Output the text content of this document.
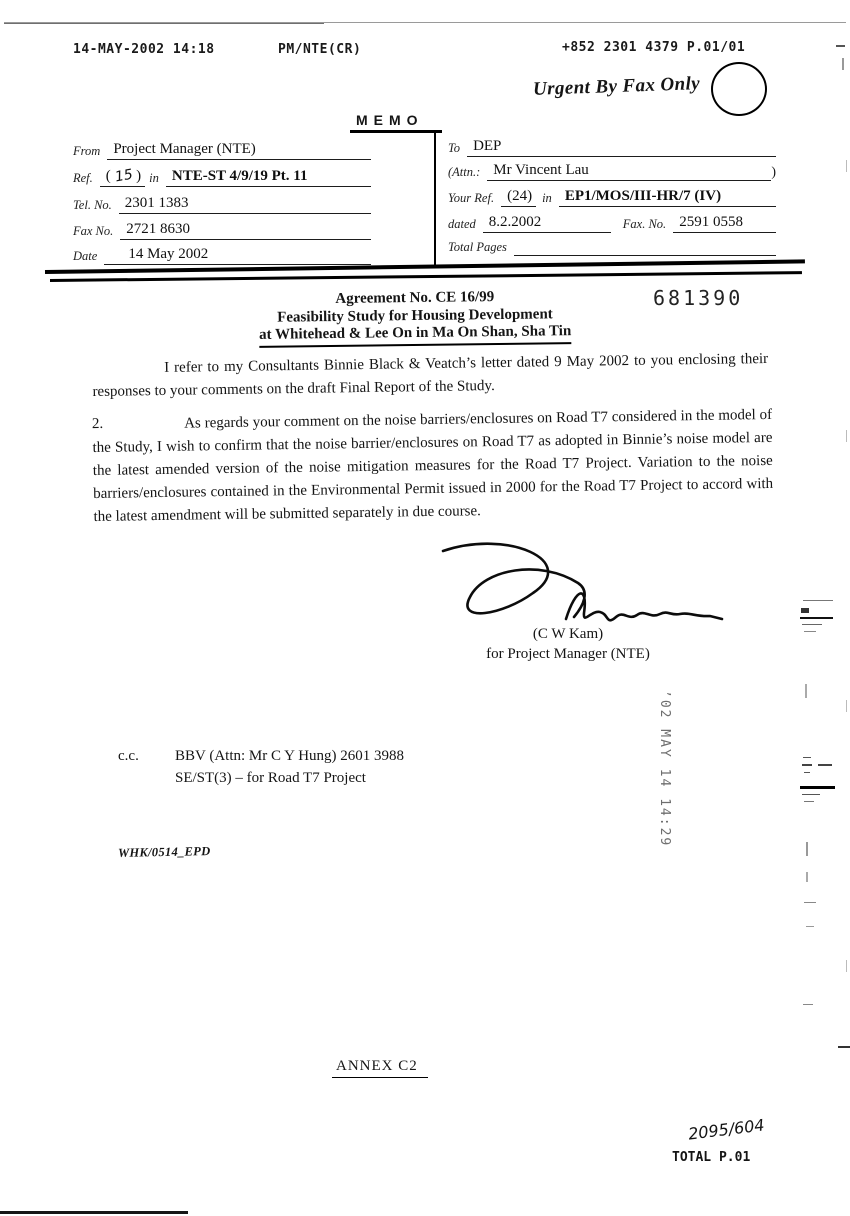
14-MAY-2002 14:18	PM/NTE(CR)	+852 2301 4379 P.01/01
Urgent By Fax Only
MEMO
From Project Manager (NTE)
Ref. ( 15 ) in NTE-ST 4/9/19 Pt. 11
Tel. No. 2301 1383
Fax No. 2721 8630
Date	14 May 2002
To DEP
(Attn.: Mr Vincent Lau	)
Your Ref. (24) in EP1/MOS/III-HR/7 (IV)
dated 8.2.2002	Fax. No. 2591 0558
Total Pages
681390
Agreement No. CE 16/99
Feasibility Study for Housing Development
at Whitehead & Lee On in Ma On Shan, Sha Tin

I refer to my Consultants Binnie Black & Veatch’s letter dated 9 May 2002 to you enclosing their responses to your comments on the draft Final Report of the Study.

2.	As regards your comment on the noise barriers/enclosures on Road T7 considered in the model of the Study, I wish to confirm that the noise barrier/enclosures on Road T7 as adopted in Binnie’s noise model are the latest amended version of the noise mitigation measures for the Road T7 Project. Variation to the noise barriers/enclosures contained in the Environmental Permit issued in 2000 for the Road T7 Project to accord with the latest amendment will be submitted separately in due course.

(C W Kam)
for Project Manager (NTE)
’02 MAY 14 14:29
c.c. BBV (Attn: Mr C Y Hung) 2601 3988
SE/ST(3) – for Road T7 Project
WHK/0514_EPD
ANNEX C2
2095/604
TOTAL P.01
